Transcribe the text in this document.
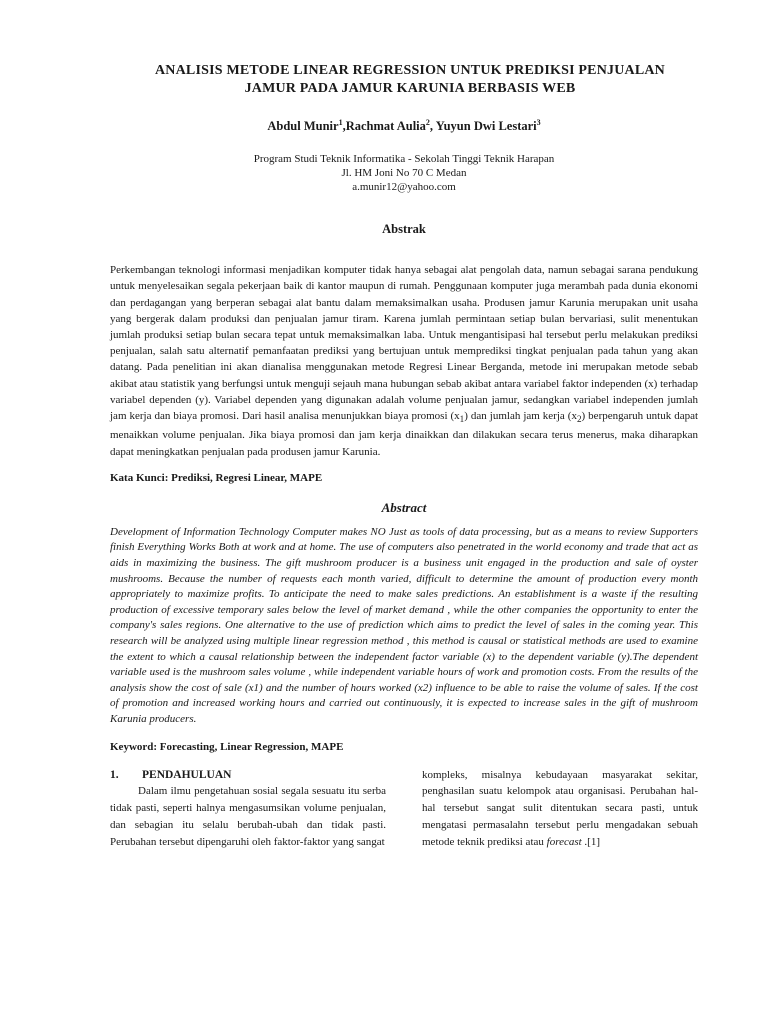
ANALISIS METODE LINEAR REGRESSION UNTUK PREDIKSI PENJUALAN
JAMUR PADA JAMUR KARUNIA BERBASIS WEB
Abdul Munir$^1$,Rachmat Aulia$^2$, Yuyun Dwi Lestari$^3$
Program Studi Teknik Informatika - Sekolah Tinggi Teknik Harapan
Jl. HM Joni No 70 C Medan
a.munir12@yahoo.com
Abstrak
Perkembangan teknologi informasi menjadikan komputer tidak hanya sebagai alat pengolah data, namun sebagai sarana pendukung untuk menyelesaikan segala pekerjaan baik di kantor maupun di rumah. Penggunaan komputer juga merambah pada dunia ekonomi dan perdagangan yang berperan sebagai alat bantu dalam memaksimalkan usaha. Produsen jamur Karunia merupakan unit usaha yang bergerak dalam produksi dan penjualan jamur tiram. Karena jumlah permintaan setiap bulan bervariasi, sulit menentukan jumlah produksi setiap bulan secara tepat untuk memaksimalkan laba. Untuk mengantisipasi hal tersebut perlu melakukan prediksi penjualan, salah satu alternatif pemanfaatan prediksi yang bertujuan untuk memprediksi tingkat penjualan pada tahun yang akan datang. Pada penelitian ini akan dianalisa menggunakan metode Regresi Linear Berganda, metode ini merupakan metode sebab akibat atau statistik yang berfungsi untuk menguji sejauh mana hubungan sebab akibat antara variabel faktor independen (x) terhadap variabel dependen (y). Variabel dependen yang digunakan adalah volume penjualan jamur, sedangkan variabel independen jumlah jam kerja dan biaya promosi. Dari hasil analisa menunjukkan biaya promosi $(x_1)$ dan jumlah jam kerja $(x_2)$ berpengaruh untuk dapat menaikkan volume penjualan. Jika biaya promosi dan jam kerja dinaikkan dan dilakukan secara terus menerus, maka diharapkan dapat meningkatkan penjualan pada produsen jamur Karunia.
Kata Kunci: Prediksi, Regresi Linear, MAPE
Abstract
Development of Information Technology Computer makes NO Just as tools of data processing, but as a means to review Supporters finish Everything Works Both at work and at home. The use of computers also penetrated in the world economy and trade that act as aids in maximizing the business. The gift mushroom producer is a business unit engaged in the production and sale of oyster mushrooms. Because the number of requests each month varied, difficult to determine the amount of production every month appropriately to maximize profits. To anticipate the need to make sales predictions. An establishment is a waste if the resulting production of excessive temporary sales below the level of market demand , while the other companies the opportunity to enter the company's sales regions. One alternative to the use of prediction which aims to predict the level of sales in the coming year. This research will be analyzed using multiple linear regression method , this method is causal or statistical methods are used to examine the extent to which a causal relationship between the independent factor variable (x) to the dependent variable (y).The dependent variable used is the mushroom sales volume , while independent variable hours of work and promotion costs. From the results of the analysis show the cost of sale (x1) and the number of hours worked (x2) influence to be able to raise the volume of sales. If the cost of promotion and increased working hours and carried out continuously, it is expected to increase sales in the gift of mushroom Karunia producers.
Keyword: Forecasting, Linear Regression, MAPE
1.	PENDAHULUAN
Dalam ilmu pengetahuan sosial segala sesuatu itu serba tidak pasti, seperti halnya mengasumsikan volume penjualan, dan sebagian itu selalu berubah-ubah dan tidak pasti. Perubahan tersebut dipengaruhi oleh faktor-faktor yang sangat
kompleks, misalnya kebudayaan masyarakat sekitar, penghasilan suatu kelompok atau organisasi. Perubahan hal-hal tersebut sangat sulit ditentukan secara pasti, untuk mengatasi permasalahn tersebut perlu mengadakan sebuah metode teknik prediksi atau forecast .[1]
